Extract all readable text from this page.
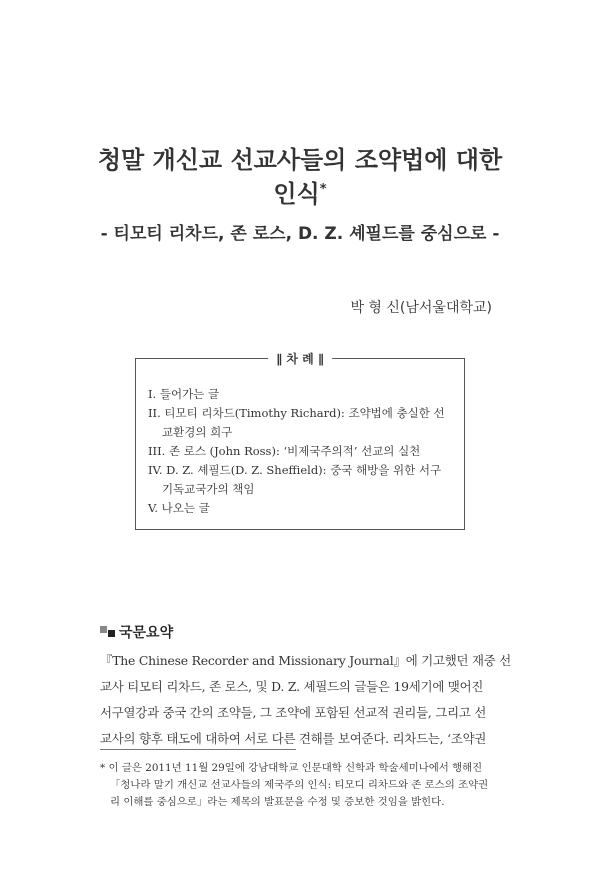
청말 개신교 선교사들의 조약법에 대한
인식*
- 티모티 리차드, 존 로스, D. Z. 셰필드를 중심으로 -
박 형 신(남서울대학교)
∥ 차 례 ∥
I. 들어가는 글
II. 티모티 리차드(Timothy Richard): 조약법에 충실한 선
교환경의 희구
III. 존 로스 (John Ross): ‘비제국주의적’ 선교의 실천
IV. D. Z. 셰필드(D. Z. Sheffield): 중국 해방을 위한 서구
기독교국가의 책임
V. 나오는 글
국문요약
『The Chinese Recorder and Missionary Journal』에 기고했던 재중 선
교사 티모티 리차드, 존 로스, 및 D. Z. 셰필드의 글들은 19세기에 맺어진
서구열강과 중국 간의 조약들, 그 조약에 포함된 선교적 권리들, 그리고 선
교사의 향후 태도에 대하여 서로 다른 견해를 보여준다. 리차드는, ‘조약권
* 이 글은 2011년 11월 29일에 강남대학교 인문대학 신학과 학술세미나에서 행해진
「청나라 말기 개신교 선교사들의 제국주의 인식: 티모디 리차드와 존 로스의 조약권
리 이해를 중심으로」라는 제목의 발표문을 수정 및 증보한 것임을 밝힌다.
